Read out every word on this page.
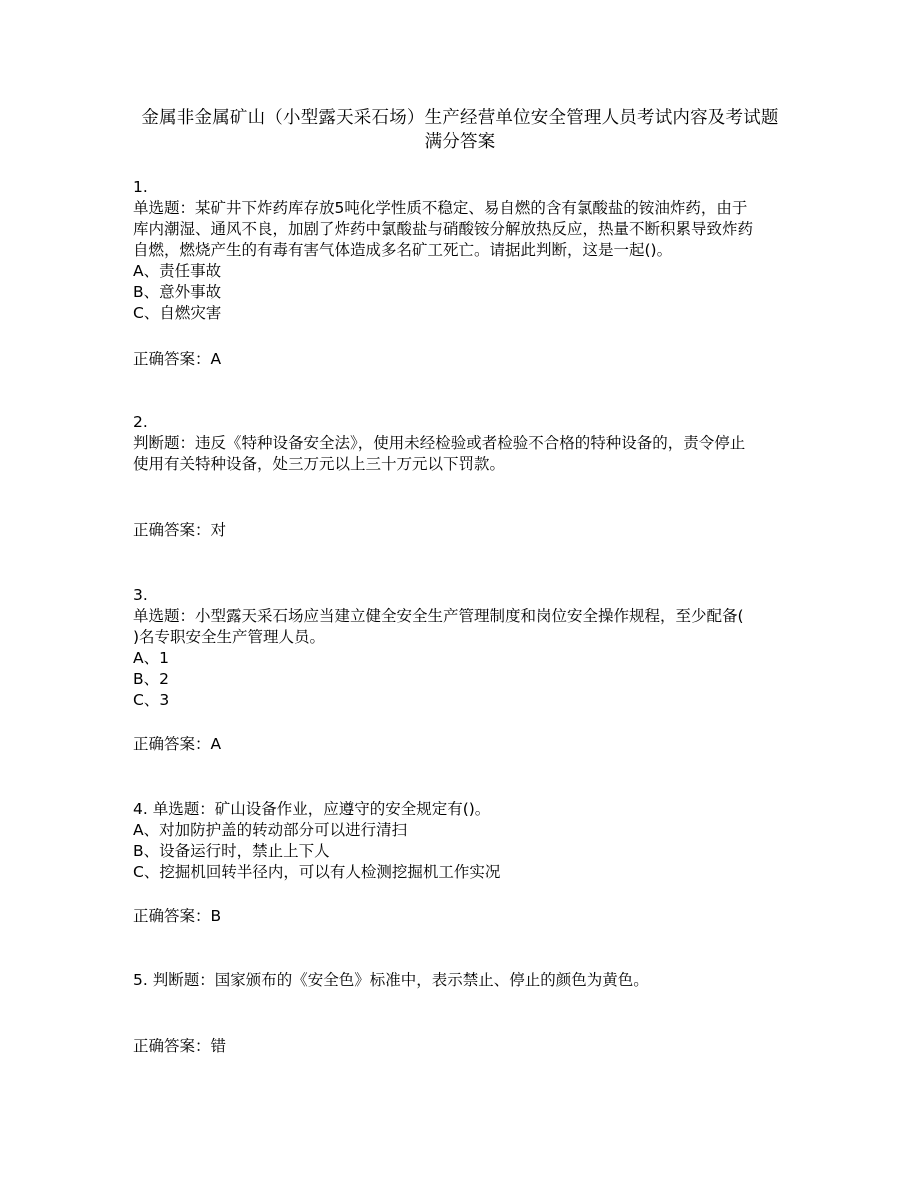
金属非金属矿山（小型露天采石场）生产经营单位安全管理人员考试内容及考试题
满分答案
1.
单选题：某矿井下炸药库存放5吨化学性质不稳定、易自燃的含有氯酸盐的铵油炸药，由于
库内潮湿、通风不良，加剧了炸药中氯酸盐与硝酸铵分解放热反应，热量不断积累导致炸药
自燃，燃烧产生的有毒有害气体造成多名矿工死亡。请据此判断，这是一起()。
A、责任事故
B、意外事故
C、自燃灾害
正确答案：A
2.
判断题：违反《特种设备安全法》，使用未经检验或者检验不合格的特种设备的，责令停止
使用有关特种设备，处三万元以上三十万元以下罚款。
正确答案：对
3.
单选题：小型露天采石场应当建立健全安全生产管理制度和岗位安全操作规程，至少配备(
)名专职安全生产管理人员。
A、1
B、2
C、3
正确答案：A
4. 单选题：矿山设备作业，应遵守的安全规定有()。
A、对加防护盖的转动部分可以进行清扫
B、设备运行时，禁止上下人
C、挖掘机回转半径内，可以有人检测挖掘机工作实况
正确答案：B
5. 判断题：国家颁布的《安全色》标准中，表示禁止、停止的颜色为黄色。
正确答案：错
